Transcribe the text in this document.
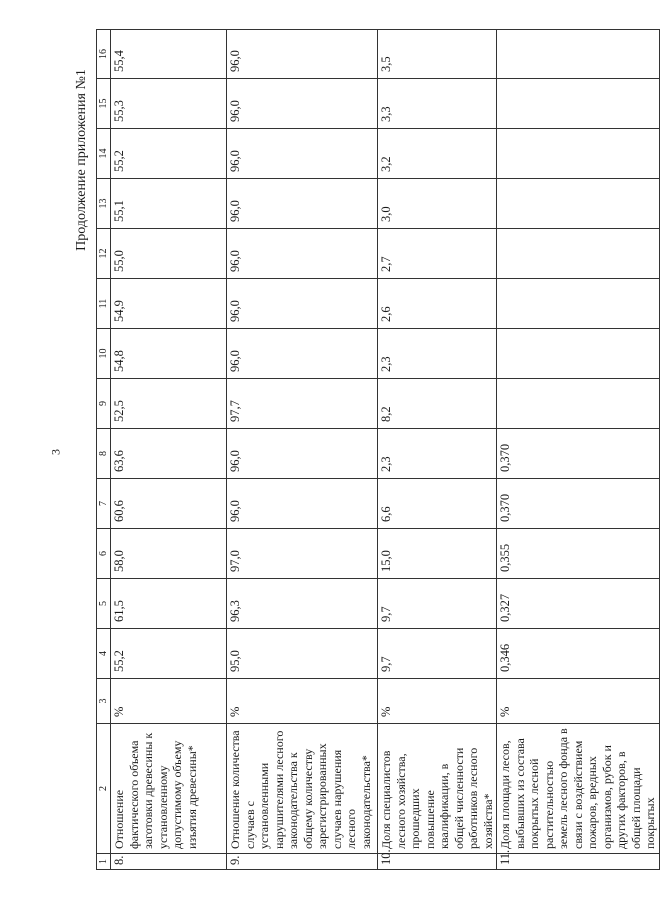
3
Продолжение приложения №1
1	2	3	4	5	6	7	8	9	10	11	12	13	14	15	16
8.	Отношение фактического объема заготовки древесины к установленному допустимому объему изъятия древесины*	%	55,2	61,5	58,0	60,6	63,6	52,5	54,8	54,9	55,0	55,1	55,2	55,3	55,4
9.	Отношение количества случаев с установленными нарушителями лесного законодательства к общему количеству зарегистрированных случаев нарушения лесного законодательства*	%	95,0	96,3	97,0	96,0	96,0	97,7	96,0	96,0	96,0	96,0	96,0	96,0	96,0
10.	Доля специалистов лесного хозяйства, прошедших повышение квалификации, в общей численности работников лесного хозяйства*	%	9,7	9,7	15,0	6,6	2,3	8,2	2,3	2,6	2,7	3,0	3,2	3,3	3,5
11.	Доля площади лесов, выбывших из состава покрытых лесной растительностью земель лесного фонда в связи с воздействием пожаров, вредных организмов, рубок и других факторов, в общей площади покрытых	%	0,346	0,327	0,355	0,370	0,370								
